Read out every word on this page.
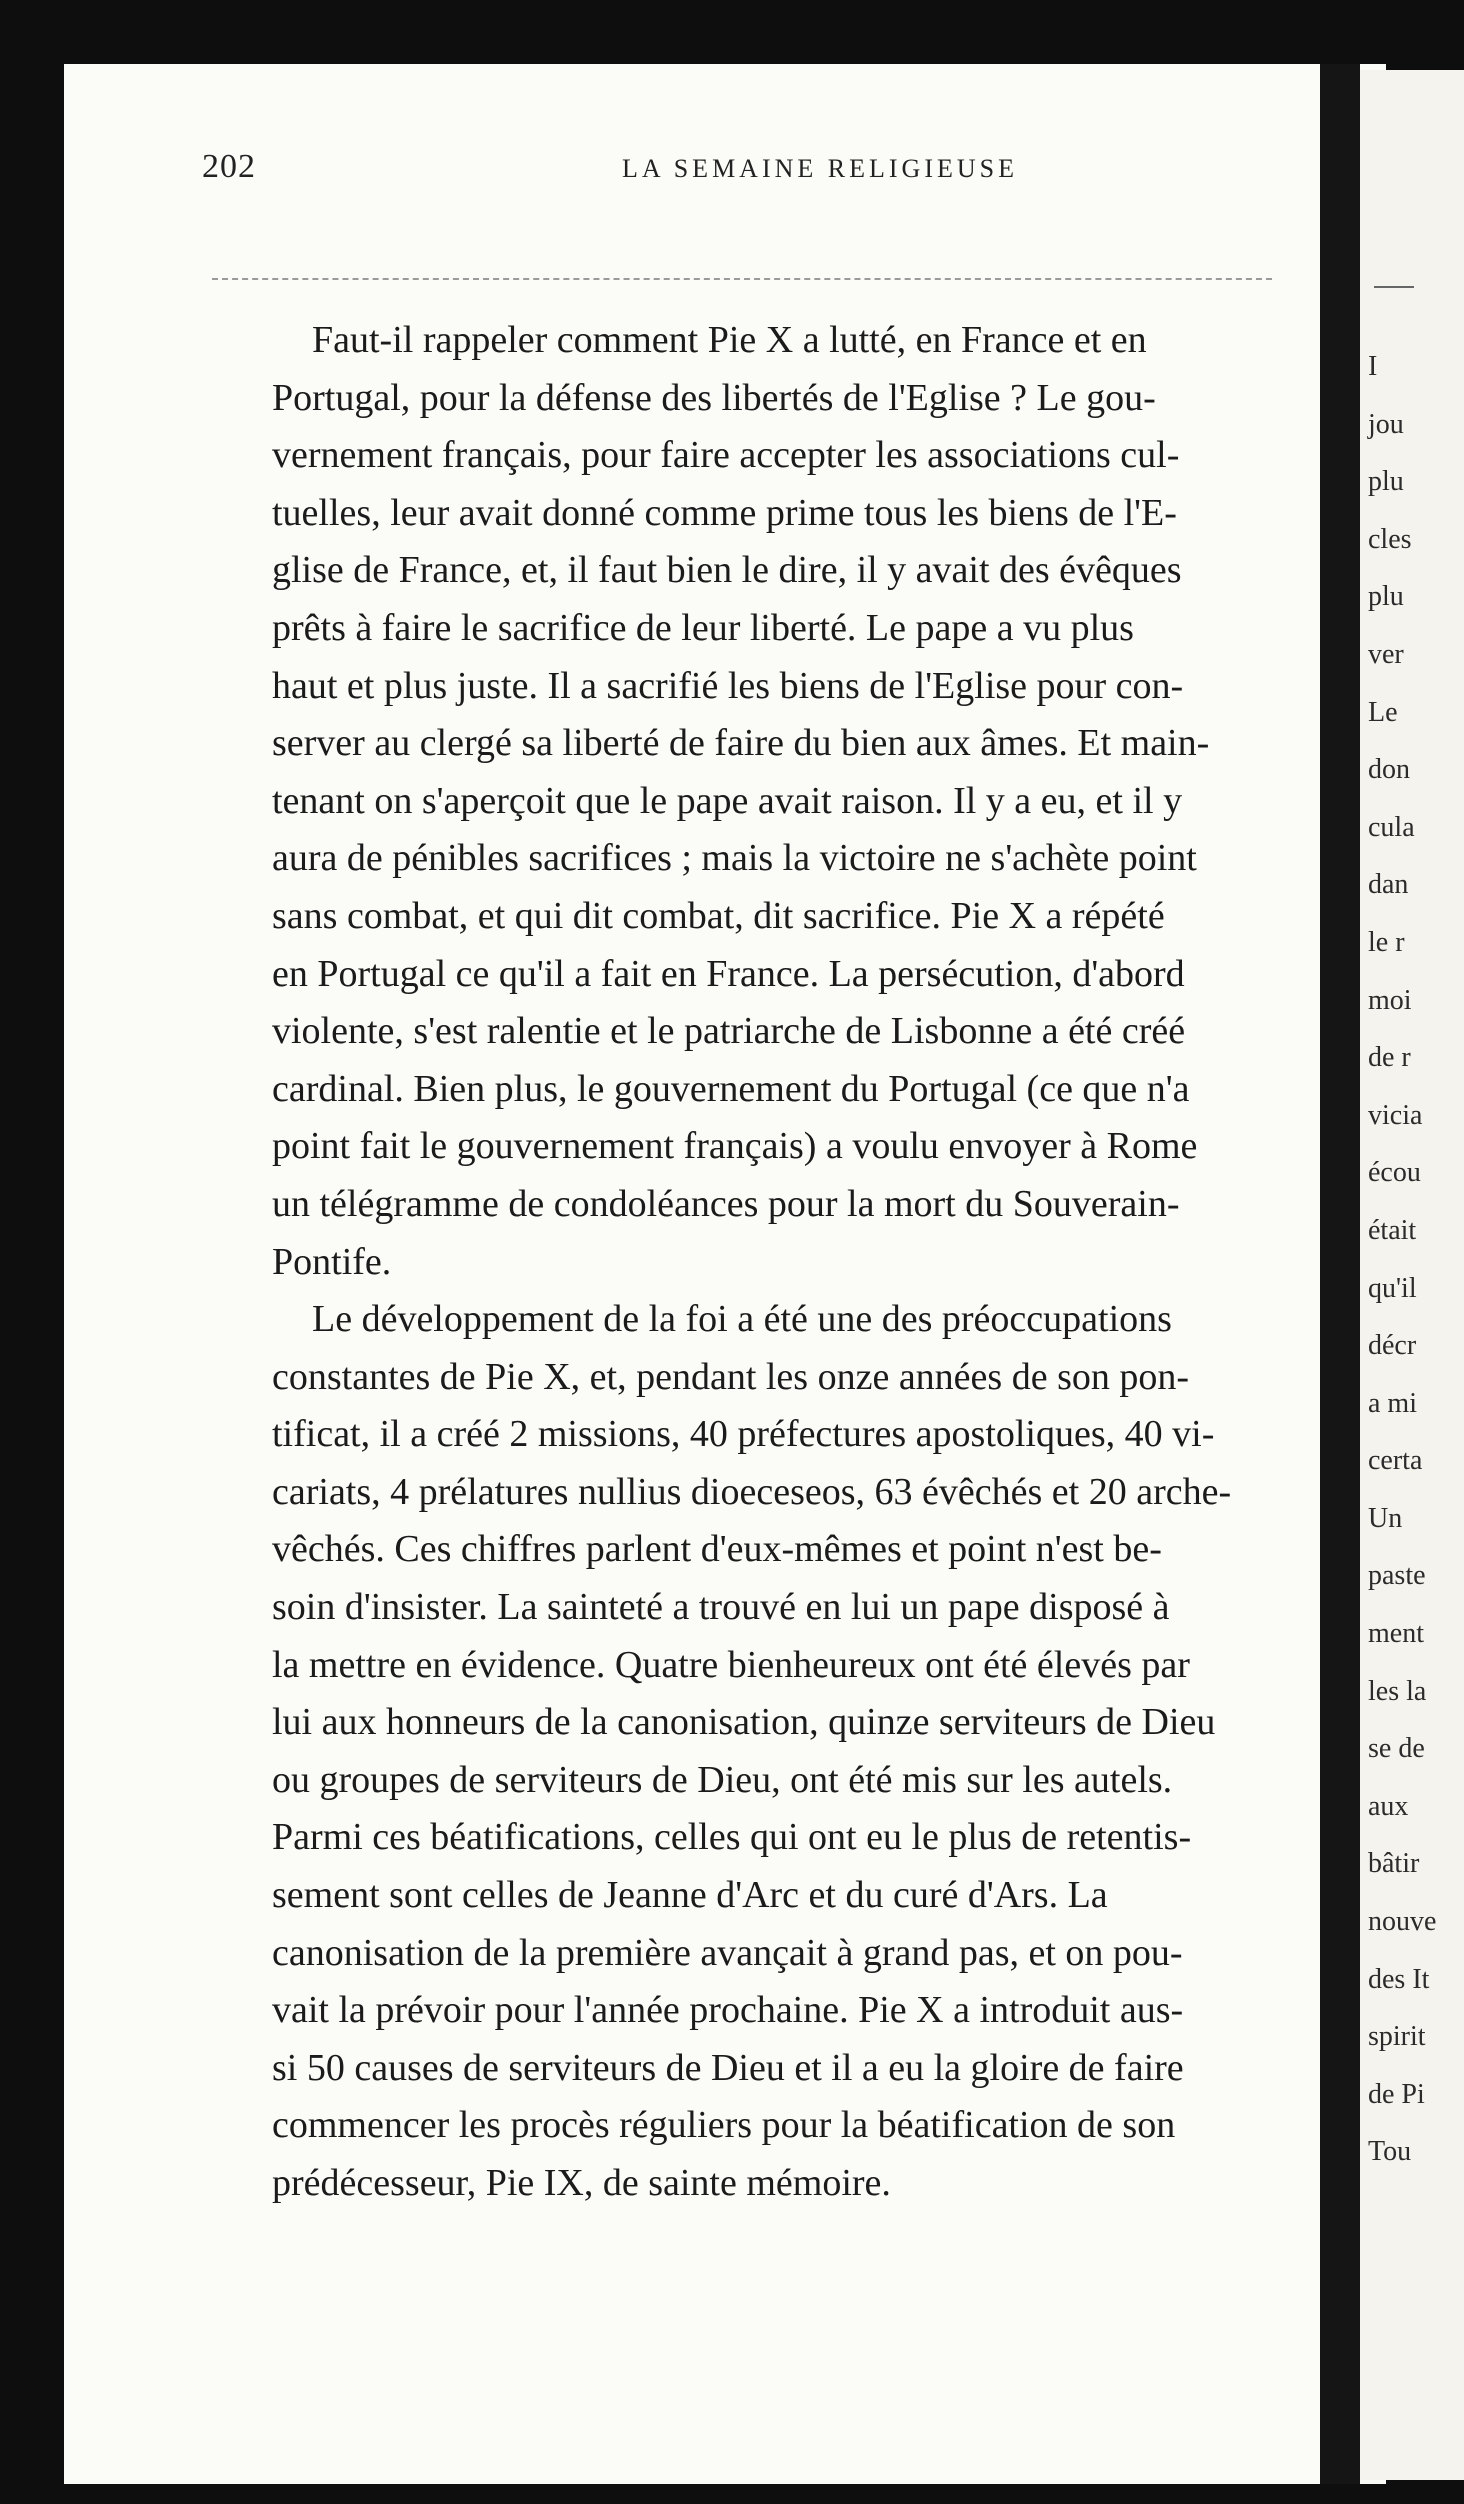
I
jou
plu
cles
plu
ver
Le
don
cula
dan
le r
moi
de r
vicia
écou
était
qu'il
décr
a mi
certa
Un
paste
ment
les la
se de
aux
bâtir
nouve
des It
spirit
de Pi
Tou
202	LA SEMAINE RELIGIEUSE

Faut-il rappeler comment Pie X a lutté, en France et en
Portugal, pour la défense des libertés de l'Eglise ? Le gou-
vernement français, pour faire accepter les associations cul-
tuelles, leur avait donné comme prime tous les biens de l'E-
glise de France, et, il faut bien le dire, il y avait des évêques
prêts à faire le sacrifice de leur liberté. Le pape a vu plus
haut et plus juste. Il a sacrifié les biens de l'Eglise pour con-
server au clergé sa liberté de faire du bien aux âmes. Et main-
tenant on s'aperçoit que le pape avait raison. Il y a eu, et il y
aura de pénibles sacrifices ; mais la victoire ne s'achète point
sans combat, et qui dit combat, dit sacrifice. Pie X a répété
en Portugal ce qu'il a fait en France. La persécution, d'abord
violente, s'est ralentie et le patriarche de Lisbonne a été créé
cardinal. Bien plus, le gouvernement du Portugal (ce que n'a
point fait le gouvernement français) a voulu envoyer à Rome
un télégramme de condoléances pour la mort du Souverain-
Pontife.

Le développement de la foi a été une des préoccupations
constantes de Pie X, et, pendant les onze années de son pon-
tificat, il a créé 2 missions, 40 préfectures apostoliques, 40 vi-
cariats, 4 prélatures nullius dioeceseos, 63 évêchés et 20 arche-
vêchés. Ces chiffres parlent d'eux-mêmes et point n'est be-
soin d'insister. La sainteté a trouvé en lui un pape disposé à
la mettre en évidence. Quatre bienheureux ont été élevés par
lui aux honneurs de la canonisation, quinze serviteurs de Dieu
ou groupes de serviteurs de Dieu, ont été mis sur les autels.
Parmi ces béatifications, celles qui ont eu le plus de retentis-
sement sont celles de Jeanne d'Arc et du curé d'Ars. La
canonisation de la première avançait à grand pas, et on pou-
vait la prévoir pour l'année prochaine. Pie X a introduit aus-
si 50 causes de serviteurs de Dieu et il a eu la gloire de faire
commencer les procès réguliers pour la béatification de son
prédécesseur, Pie IX, de sainte mémoire.
